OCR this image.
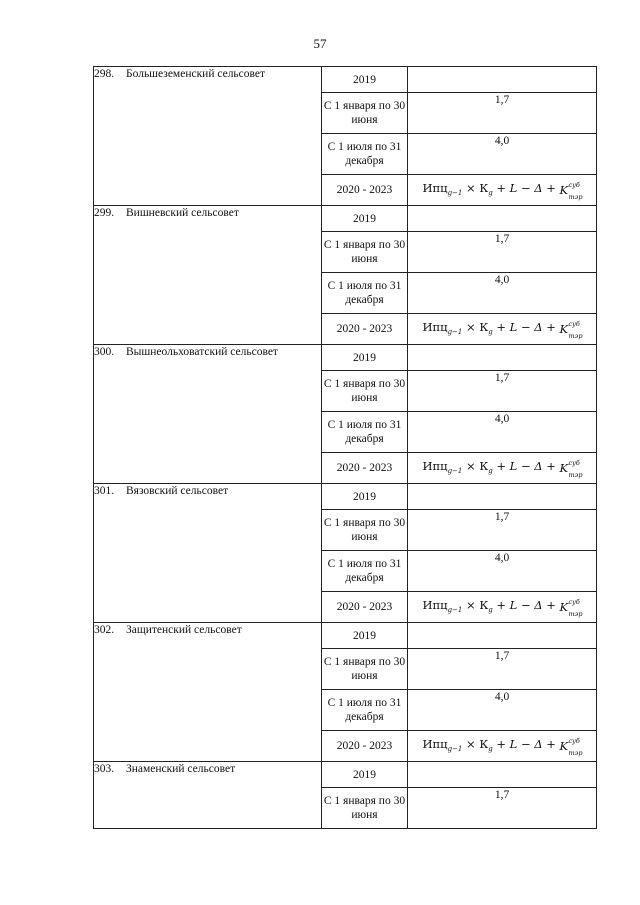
57
298. Большеземенский сельсовет	2019	
	С 1 января по 30 июня	1,7
	С 1 июля по 31 декабря	4,0
	2020 - 2023	$Ипц_{g-1} \times К_g + L - \Delta + K$ суб
тэр

299. Вишневский сельсовет	2019	
	С 1 января по 30 июня	1,7
	С 1 июля по 31 декабря	4,0
	2020 - 2023	$Ипц_{g-1} \times К_g + L - \Delta + K$ суб
тэр

300. Вышнеольховатский сельсовет	2019	
	С 1 января по 30 июня	1,7
	С 1 июля по 31 декабря	4,0
	2020 - 2023	$Ипц_{g-1} \times К_g + L - \Delta + K$ суб
тэр

301. Вязовский сельсовет	2019	
	С 1 января по 30 июня	1,7
	С 1 июля по 31 декабря	4,0
	2020 - 2023	$Ипц_{g-1} \times К_g + L - \Delta + K$ суб
тэр

302. Защитенский сельсовет	2019	
	С 1 января по 30 июня	1,7
	С 1 июля по 31 декабря	4,0
	2020 - 2023	$Ипц_{g-1} \times К_g + L - \Delta + K$ суб
тэр

303. Знаменский сельсовет	2019	
	С 1 января по 30 июня	1,7
